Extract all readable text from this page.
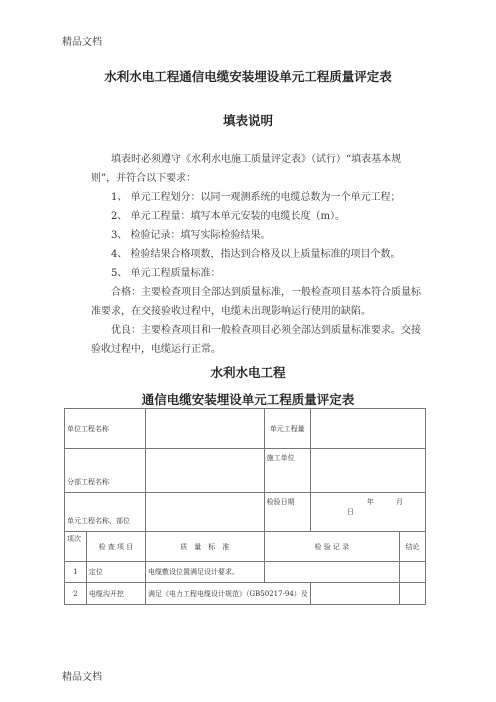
精品文档
水利水电工程通信电缆安装埋设单元工程质量评定表
填表说明
填表时必须遵守《水利水电施工质量评定表》（试行）“填表基本规则”，并符合以下要求：
1、 单元工程划分：以同一观测系统的电缆总数为一个单元工程；
2、 单元工程量：填写本单元安装的电缆长度（m）。
3、 检验记录：填写实际检验结果。
4、 检验结果合格项数，指达到合格及以上质量标准的项目个数。
5、 单元工程质量标准：
合格：主要检查项目全部达到质量标准，一般检查项目基本符合质量标准要求，在交接验收过程中，电缆未出现影响运行使用的缺陷。
优良：主要检查项目和一般检查项目必须全部达到质量标准要求。交接验收过程中，电缆运行正常。
水利水电工程
通信电缆安装埋设单元工程质量评定表
单位工程名称			单元工程量		
分部工程名称			施工单位		
单元工程名称、部位			检验日期	年 月 日	
项次	检 查 项 目	质　量　标　准	检 验 记 录		结论
1	定位	电缆敷设位置满足设计要求。			
2	电缆沟开挖	满足《电力工程电缆设计规范》（GB50217-94）及			
精品文档
